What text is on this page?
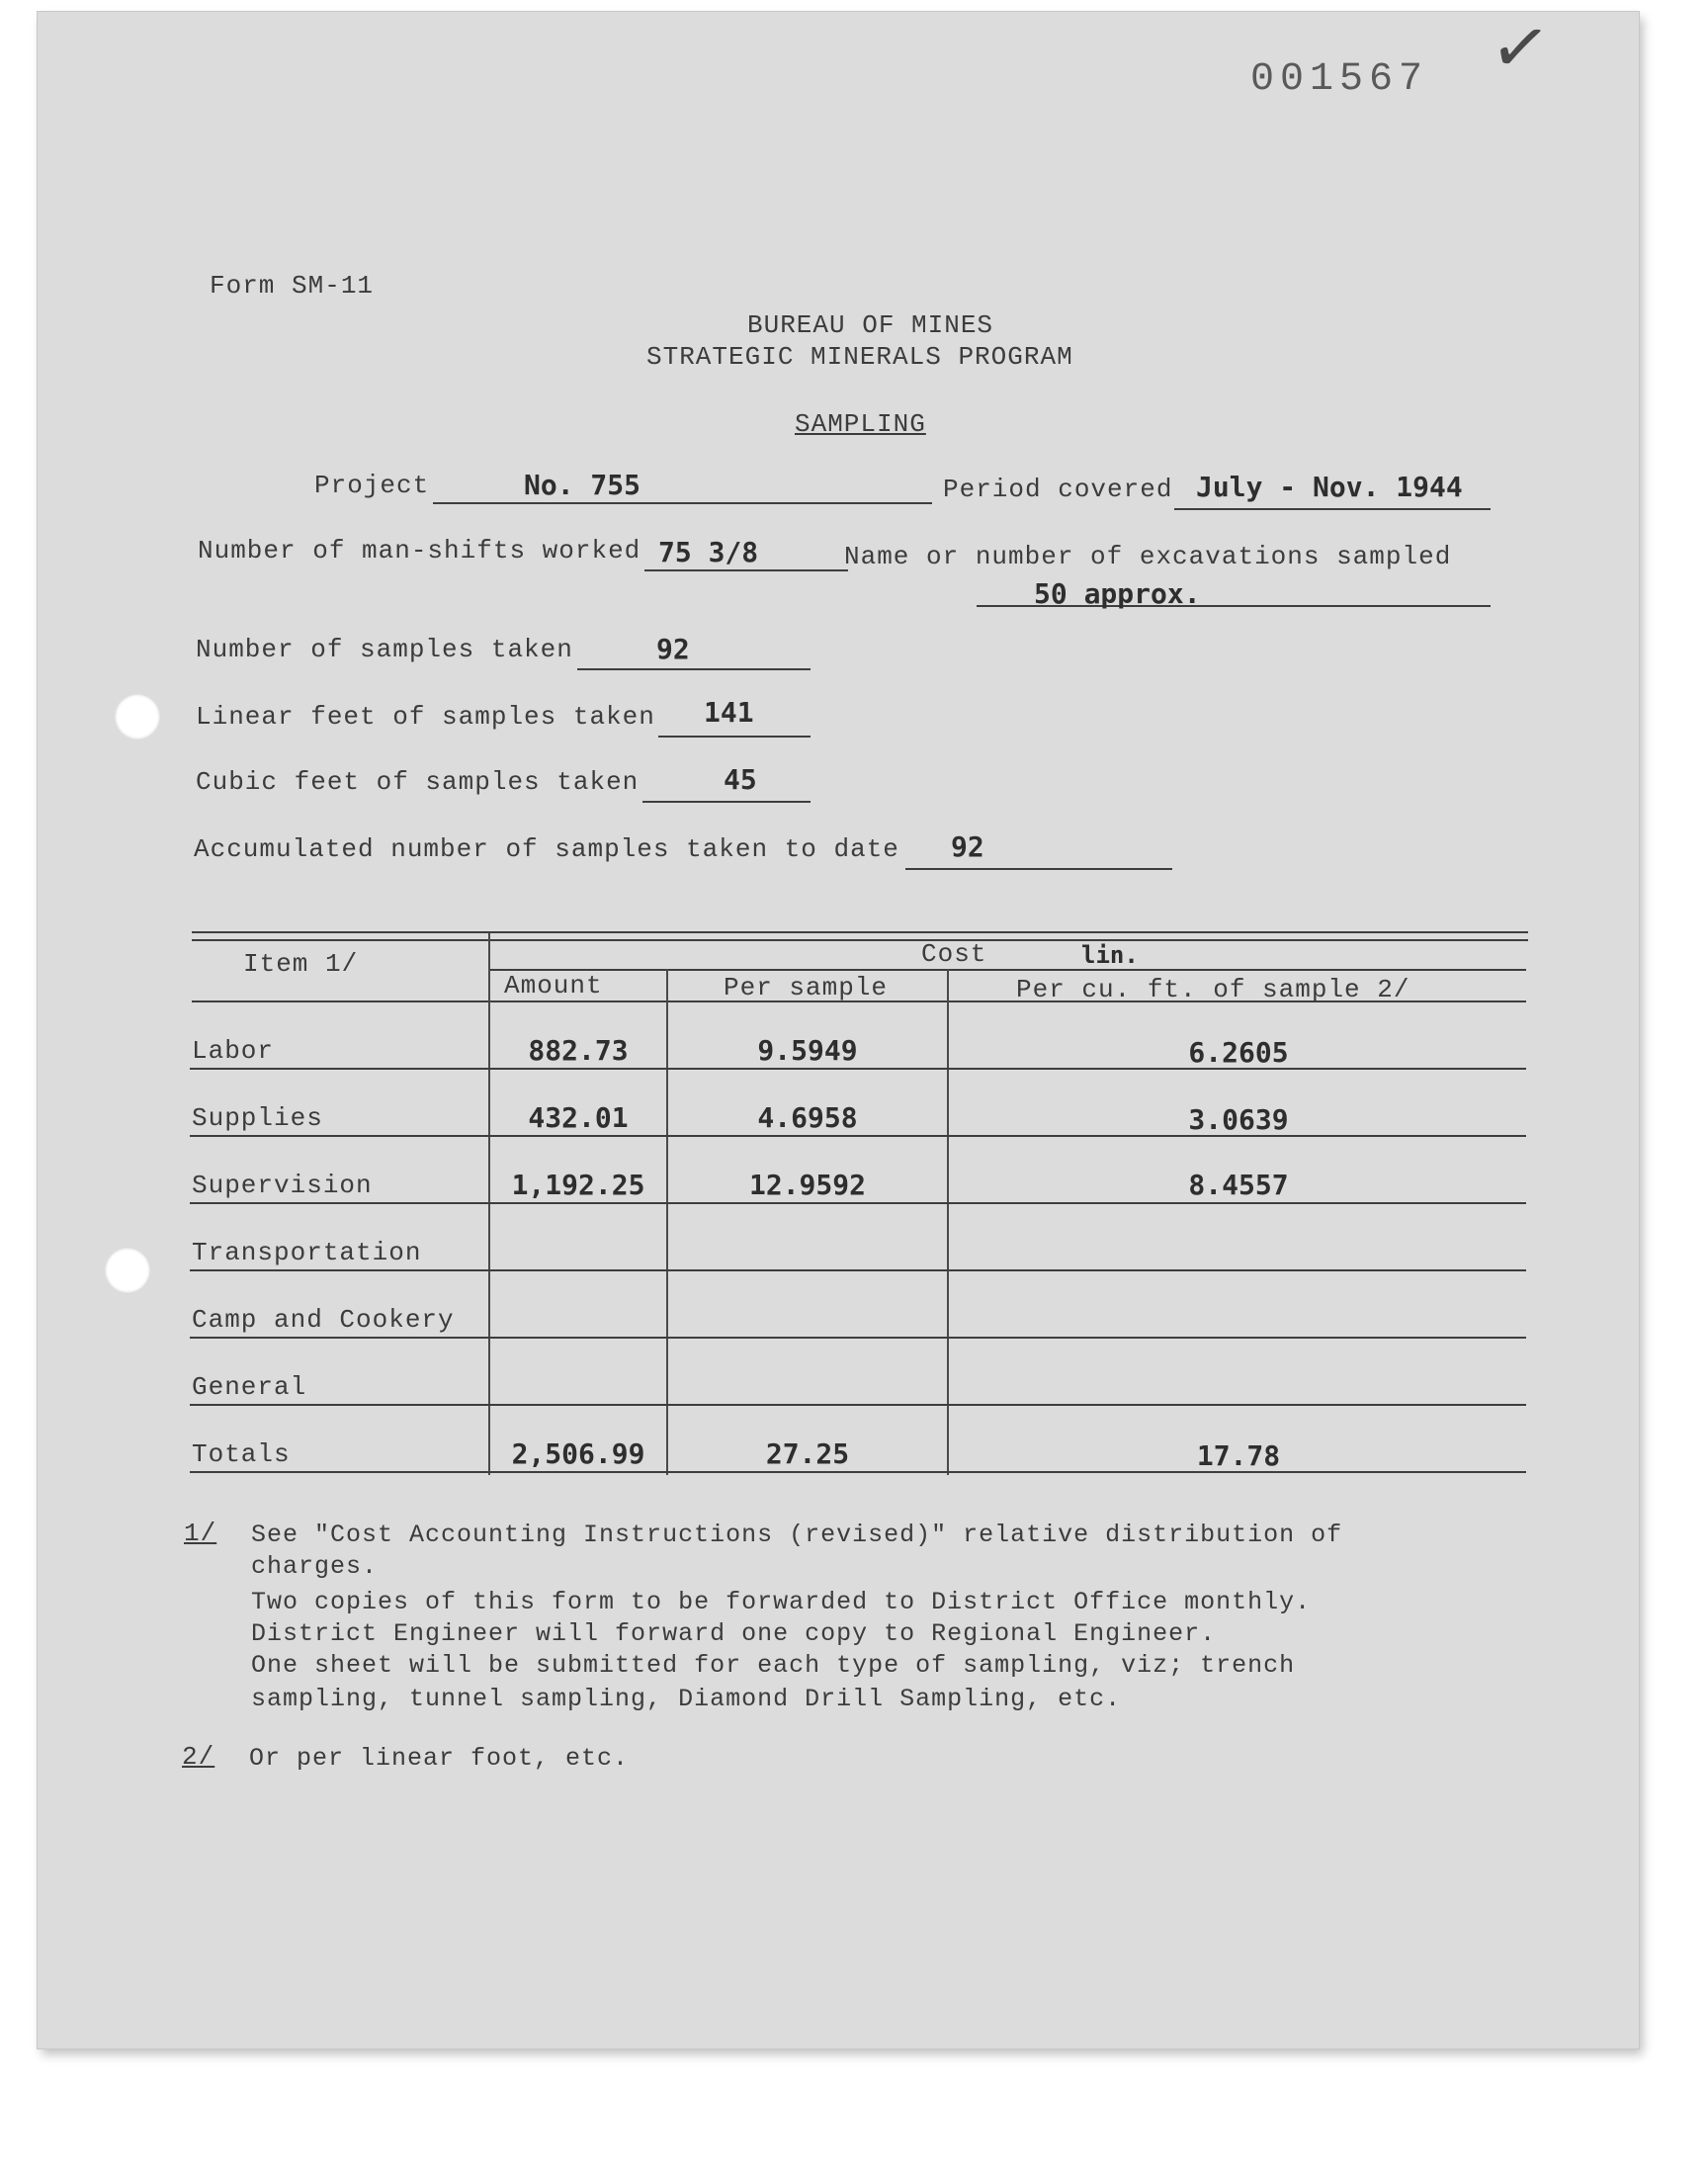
001567 ✓
Form SM-11
BUREAU OF MINES
STRATEGIC MINERALS PROGRAM
SAMPLING
Project	No. 755	Period covered July - Nov. 1944
Number of man-shifts worked 75 3/8	Name or number of excavations sampled
50 approx.
Number of samples taken	92
Linear feet of samples taken 141
Cubic feet of samples taken	45
Accumulated number of samples taken to date 92
Item 1/	Cost
Amount	Per sample	Per cu. ft. of sample 2/
lin.
Labor	882.73	9.5949	6.2605
Supplies	432.01	4.6958	3.0639
Supervision	1,192.25	12.9592	8.4557
Transportation
Camp and Cookery
General
Totals	2,506.99	27.25	17.78
1/ See "Cost Accounting Instructions (revised)" relative distribution of
charges.
Two copies of this form to be forwarded to District Office monthly.
District Engineer will forward one copy to Regional Engineer.
One sheet will be submitted for each type of sampling, viz; trench
sampling, tunnel sampling, Diamond Drill Sampling, etc.
2/ Or per linear foot, etc.
